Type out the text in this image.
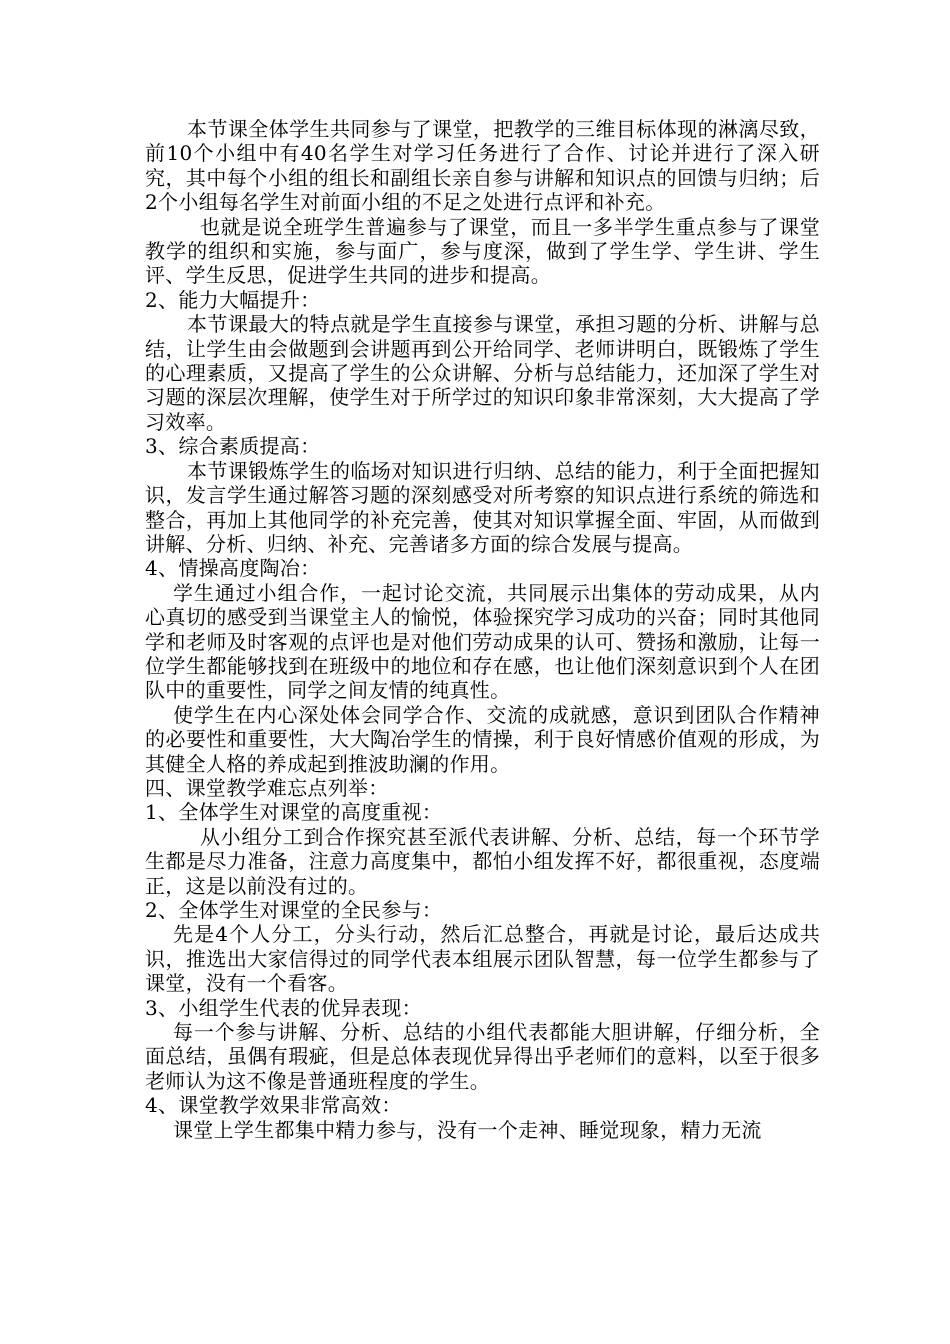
本节课全体学生共同参与了课堂，把教学的三维目标体现的淋漓尽致，前10个小组中有40名学生对学习任务进行了合作、讨论并进行了深入研究，其中每个小组的组长和副组长亲自参与讲解和知识点的回馈与归纳；后2个小组每名学生对前面小组的不足之处进行点评和补充。

也就是说全班学生普遍参与了课堂，而且一多半学生重点参与了课堂教学的组织和实施，参与面广，参与度深，做到了学生学、学生讲、学生评、学生反思，促进学生共同的进步和提高。

2、能力大幅提升：

本节课最大的特点就是学生直接参与课堂，承担习题的分析、讲解与总结，让学生由会做题到会讲题再到公开给同学、老师讲明白，既锻炼了学生的心理素质，又提高了学生的公众讲解、分析与总结能力，还加深了学生对习题的深层次理解，使学生对于所学过的知识印象非常深刻，大大提高了学习效率。

3、综合素质提高：

本节课锻炼学生的临场对知识进行归纳、总结的能力，利于全面把握知识，发言学生通过解答习题的深刻感受对所考察的知识点进行系统的筛选和整合，再加上其他同学的补充完善，使其对知识掌握全面、牢固，从而做到讲解、分析、归纳、补充、完善诸多方面的综合发展与提高。

4、情操高度陶冶：

学生通过小组合作，一起讨论交流，共同展示出集体的劳动成果，从内心真切的感受到当课堂主人的愉悦，体验探究学习成功的兴奋；同时其他同学和老师及时客观的点评也是对他们劳动成果的认可、赞扬和激励，让每一位学生都能够找到在班级中的地位和存在感，也让他们深刻意识到个人在团队中的重要性，同学之间友情的纯真性。

使学生在内心深处体会同学合作、交流的成就感，意识到团队合作精神的必要性和重要性，大大陶冶学生的情操，利于良好情感价值观的形成，为其健全人格的养成起到推波助澜的作用。

四、课堂教学难忘点列举：

1、全体学生对课堂的高度重视：

从小组分工到合作探究甚至派代表讲解、分析、总结，每一个环节学生都是尽力准备，注意力高度集中，都怕小组发挥不好，都很重视，态度端正，这是以前没有过的。

2、全体学生对课堂的全民参与：

先是4个人分工，分头行动，然后汇总整合，再就是讨论，最后达成共识，推选出大家信得过的同学代表本组展示团队智慧，每一位学生都参与了课堂，没有一个看客。

3、小组学生代表的优异表现：

每一个参与讲解、分析、总结的小组代表都能大胆讲解，仔细分析，全面总结，虽偶有瑕疵，但是总体表现优异得出乎老师们的意料，以至于很多老师认为这不像是普通班程度的学生。

4、课堂教学效果非常高效：

课堂上学生都集中精力参与，没有一个走神、睡觉现象，精力无流
